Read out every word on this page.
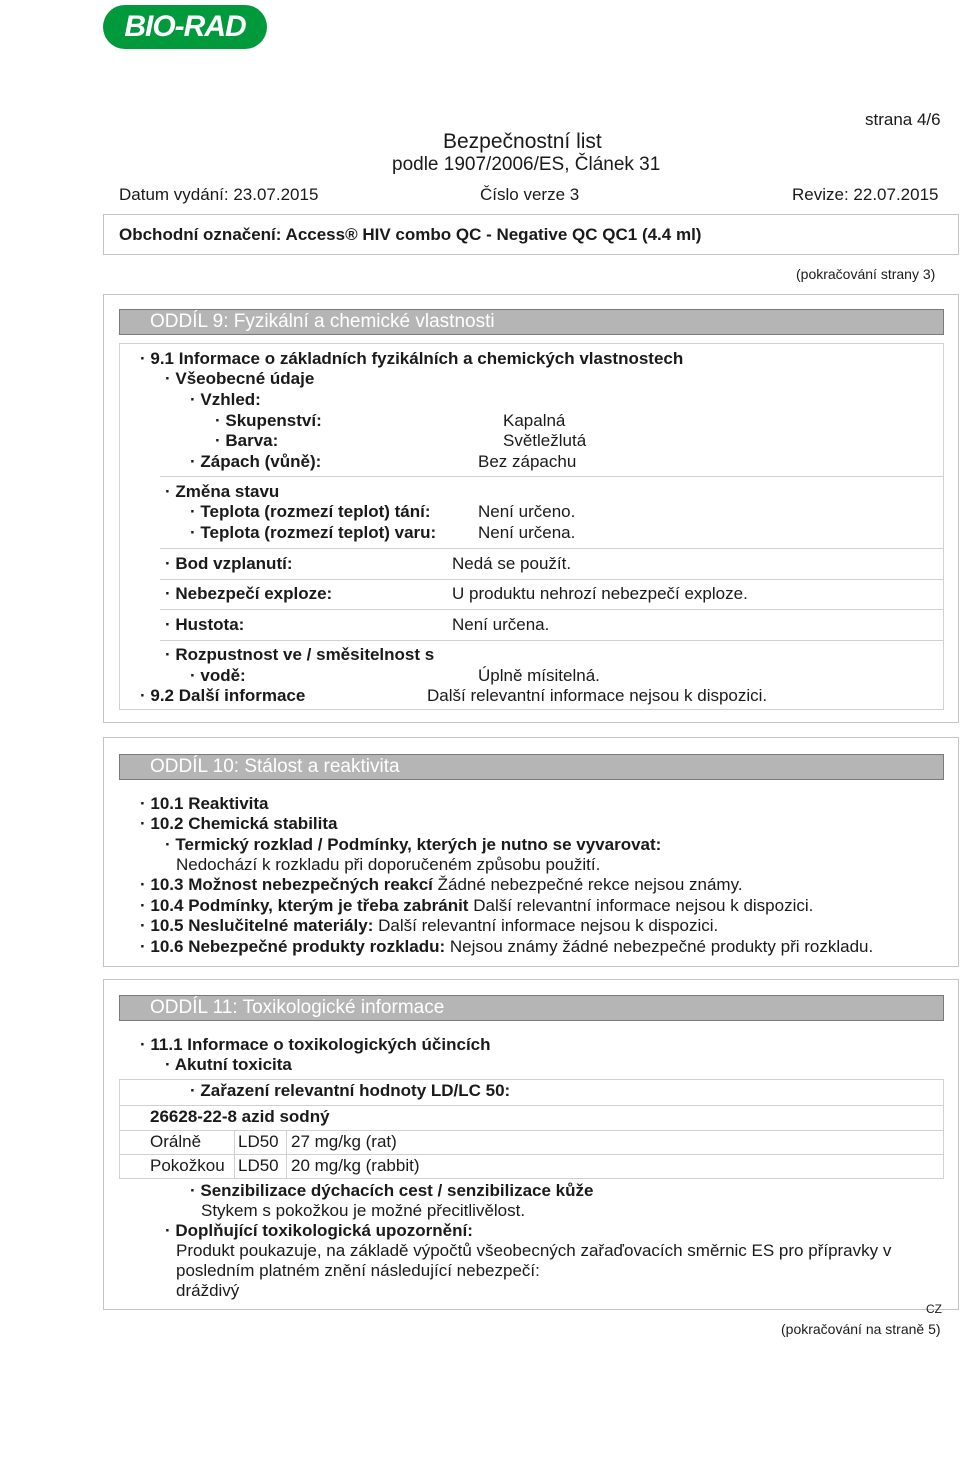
BIO-RAD
strana 4/6
Bezpečnostní list
podle 1907/2006/ES, Článek 31
Datum vydání: 23.07.2015	Číslo verze 3	Revize: 22.07.2015
Obchodní označení: Access® HIV combo QC - Negative QC QC1 (4.4 ml)
(pokračování strany 3)
ODDÍL 9: Fyzikální a chemické vlastnosti
· 9.1 Informace o základních fyzikálních a chemických vlastnostech
· Všeobecné údaje
· Vzhled:
· Skupenství:	Kapalná
· Barva:	Světležlutá
· Zápach (vůně):	Bez zápachu
· Změna stavu
· Teplota (rozmezí teplot) tání:	Není určeno.
· Teplota (rozmezí teplot) varu: Není určena.
· Bod vzplanutí:	Nedá se použít.
· Nebezpečí exploze:	U produktu nehrozí nebezpečí exploze.
· Hustota:	Není určena.
· Rozpustnost ve / směsitelnost s
· vodě:	Úplně mísitelná.
· 9.2 Další informace	Další relevantní informace nejsou k dispozici.
ODDÍL 10: Stálost a reaktivita
· 10.1 Reaktivita
· 10.2 Chemická stabilita
· Termický rozklad / Podmínky, kterých je nutno se vyvarovat:
Nedochází k rozkladu při doporučeném způsobu použití.
· 10.3 Možnost nebezpečných reakcí Žádné nebezpečné rekce nejsou známy.
· 10.4 Podmínky, kterým je třeba zabránit Další relevantní informace nejsou k dispozici.
· 10.5 Neslučitelné materiály: Další relevantní informace nejsou k dispozici.
· 10.6 Nebezpečné produkty rozkladu: Nejsou známy žádné nebezpečné produkty při rozkladu.
ODDÍL 11: Toxikologické informace
· 11.1 Informace o toxikologických účincích
· Akutní toxicita
· Zařazení relevantní hodnoty LD/LC 50:
26628-22-8 azid sodný
Orálně LD50 27 mg/kg (rat)
Pokožkou LD50 20 mg/kg (rabbit)
· Senzibilizace dýchacích cest / senzibilizace kůže
Stykem s pokožkou je možné přecitlivělost.
· Doplňující toxikologická upozornění:
Produkt poukazuje, na základě výpočtů všeobecných zařaďovacích směrnic ES pro přípravky v
posledním platném znění následující nebezpečí:
dráždivý
CZ
(pokračování na straně 5)
